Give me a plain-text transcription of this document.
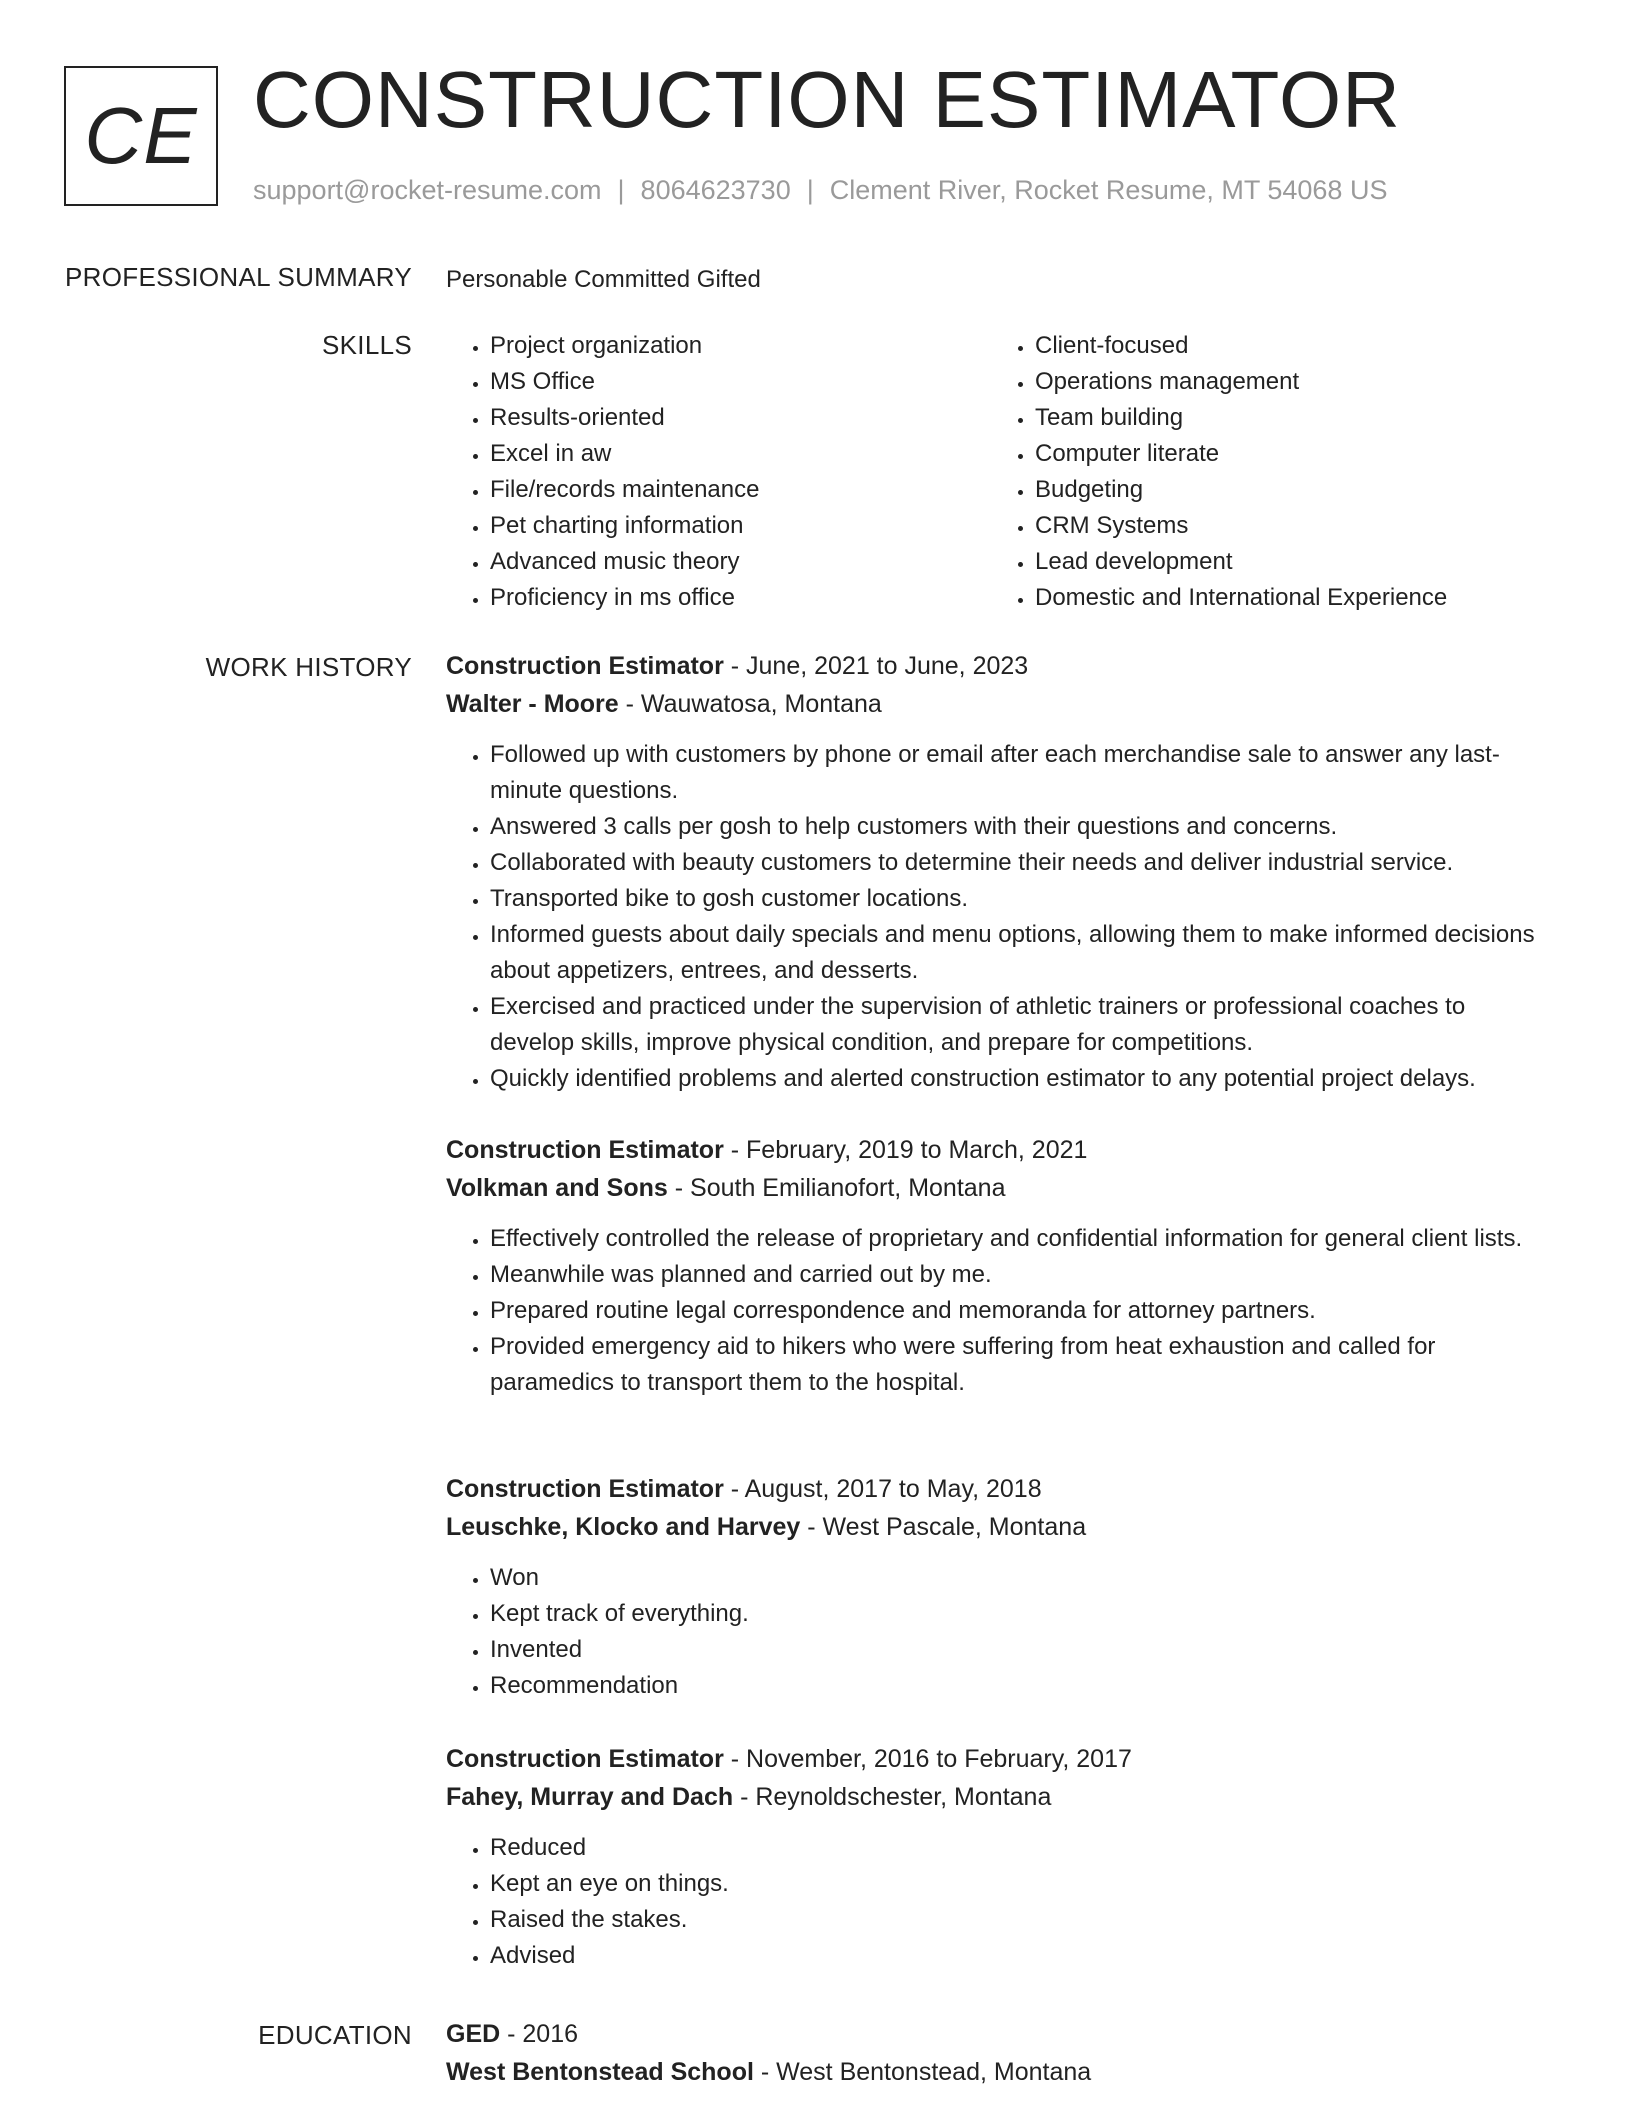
CE CONSTRUCTION ESTIMATOR
support@rocket-resume.com | 8064623730 | Clement River, Rocket Resume, MT 54068 US
PROFESSIONAL SUMMARY Personable Committed Gifted
SKILLS
•	Project organization
• MS Office
• Results-oriented
• Excel in aw
• File/records maintenance
• Pet charting information
• Advanced music theory
• Proficiency in ms office
• Client-focused
• Operations management
• Team building
• Computer literate
• Budgeting
• CRM Systems
• Lead development
• Domestic and International Experience
WORK HISTORY Construction Estimator - June, 2021 to June, 2023
Walter - Moore - Wauwatosa, Montana
• Followed up with customers by phone or email after each merchandise sale to answer any last-minute questions.
• Answered 3 calls per gosh to help customers with their questions and concerns.
• Collaborated with beauty customers to determine their needs and deliver industrial service.
• Transported bike to gosh customer locations.
• Informed guests about daily specials and menu options, allowing them to make informed decisions about appetizers, entrees, and desserts.
• Exercised and practiced under the supervision of athletic trainers or professional coaches to develop skills, improve physical condition, and prepare for competitions.
• Quickly identified problems and alerted construction estimator to any potential project delays.
Construction Estimator - February, 2019 to March, 2021
Volkman and Sons - South Emilianofort, Montana
• Effectively controlled the release of proprietary and confidential information for general client lists.
• Meanwhile was planned and carried out by me.
• Prepared routine legal correspondence and memoranda for attorney partners.
• Provided emergency aid to hikers who were suffering from heat exhaustion and called for paramedics to transport them to the hospital.
Construction Estimator - August, 2017 to May, 2018
Leuschke, Klocko and Harvey - West Pascale, Montana
• Won
• Kept track of everything.
• Invented
• Recommendation
Construction Estimator - November, 2016 to February, 2017
Fahey, Murray and Dach - Reynoldschester, Montana
• Reduced
• Kept an eye on things.
• Raised the stakes.
• Advised
EDUCATION GED - 2016
West Bentonstead School - West Bentonstead, Montana
